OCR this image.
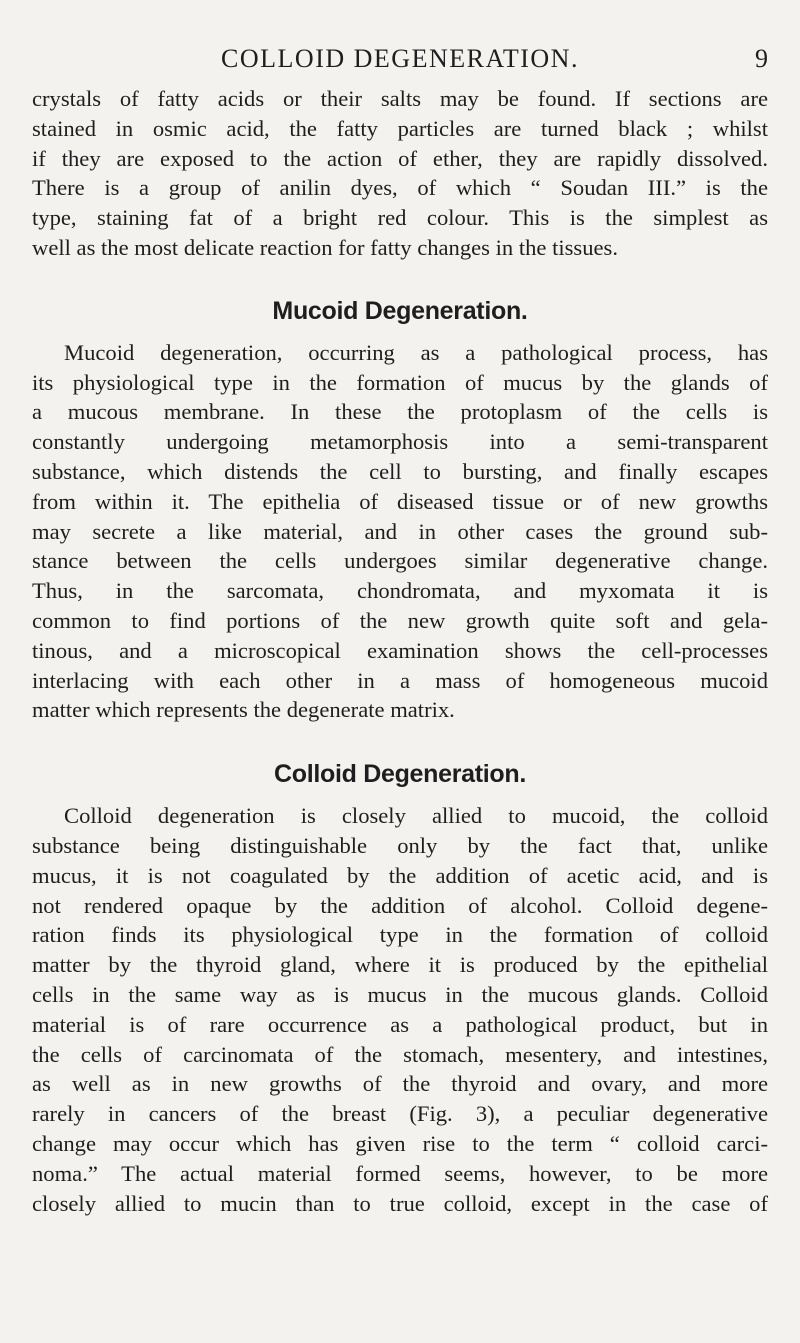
COLLOID DEGENERATION.	9

crystals of fatty acids or their salts may be found. If sections are
stained in osmic acid, the fatty particles are turned black ; whilst
if they are exposed to the action of ether, they are rapidly dissolved.
There is a group of anilin dyes, of which “ Soudan III.” is the
type, staining fat of a bright red colour. This is the simplest as
well as the most delicate reaction for fatty changes in the tissues.

Mucoid Degeneration.

Mucoid degeneration, occurring as a pathological process, has
its physiological type in the formation of mucus by the glands of
a mucous membrane. In these the protoplasm of the cells is
constantly undergoing metamorphosis into a semi-transparent
substance, which distends the cell to bursting, and finally escapes
from within it. The epithelia of diseased tissue or of new growths
may secrete a like material, and in other cases the ground sub-
stance between the cells undergoes similar degenerative change.
Thus, in the sarcomata, chondromata, and myxomata it is
common to find portions of the new growth quite soft and gela-
tinous, and a microscopical examination shows the cell-processes
interlacing with each other in a mass of homogeneous mucoid
matter which represents the degenerate matrix.

Colloid Degeneration.

Colloid degeneration is closely allied to mucoid, the colloid
substance being distinguishable only by the fact that, unlike
mucus, it is not coagulated by the addition of acetic acid, and is
not rendered opaque by the addition of alcohol. Colloid degene-
ration finds its physiological type in the formation of colloid
matter by the thyroid gland, where it is produced by the epithelial
cells in the same way as is mucus in the mucous glands. Colloid
material is of rare occurrence as a pathological product, but in
the cells of carcinomata of the stomach, mesentery, and intestines,
as well as in new growths of the thyroid and ovary, and more
rarely in cancers of the breast (Fig. 3), a peculiar degenerative
change may occur which has given rise to the term “ colloid carci-
noma.” The actual material formed seems, however, to be more
closely allied to mucin than to true colloid, except in the case of
